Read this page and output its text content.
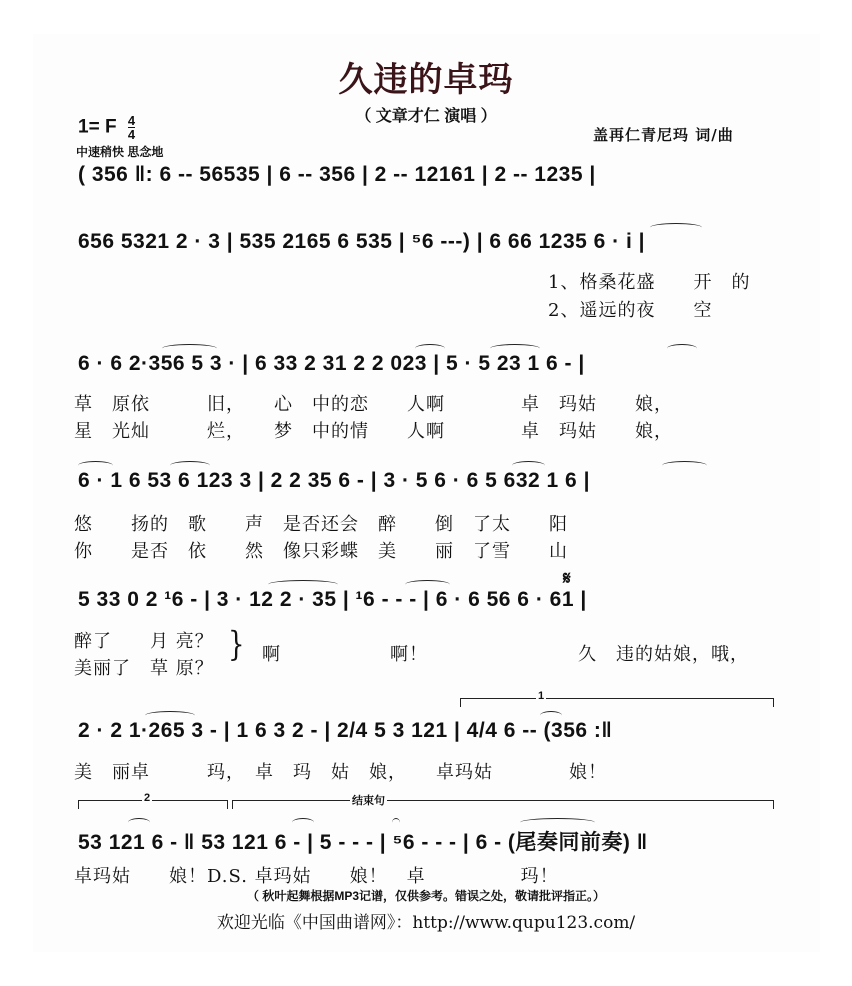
久违的卓玛
（ 文章才仁 演唱 ）
1= F $\frac{4}{4}$
中速稍快 思念地
盖再仁青尼玛 词/曲
( 356 ‖: 6 -- 56535 | 6 -- 356 | 2 -- 12161 | 2 -- 1235 |
656 5321 2 · 3 | 535 2165 6 535 | ⁵6 ---) | 6 66 1235 6 · i |
1、格桑花盛　　开　的
2、遥远的夜　　空
6 · 6 2·356 5 3 · | 6 33 2 31 2 2 023 | 5 · 5 23 1 6 - |
草　原依　　　旧，　　心　中的恋　　人啊　　　　卓　玛姑　　娘，
星　光灿　　　烂，　　梦　中的情　　人啊　　　　卓　玛姑　　娘，
6 · 1 6 53 6 123 3 | 2 2 35 6 - | 3 · 5 6 · 6 5 632 1 6 |
悠　　扬的　歌　　声　是否还会　醉　　倒　了太　　阳
你　　是否　依　　然　像只彩蝶　美　　丽　了雪　　山
𝄋
5 33 0 2 ¹6 - | 3 · 12 2 · 35 | ¹6 - - - | 6 · 6 56 6 · 61 |
醉了　　月 亮？
美丽了　草 原？
} 啊	啊！	久　违的姑娘，哦，
1
2 · 2 1·265 3 - | 1 6 3 2 - | 2/4 5 3 121 | 4/4 6 -- (356 :‖
美　丽卓　　　玛，　卓　玛　姑　娘，　　卓玛姑　　　　娘！
2	结束句
53 121 6 - ‖ 53 121 6 - | 5 - - - | ⁵6 - - - | 6 - (尾奏同前奏) ‖
卓玛姑　　娘！D.S. 卓玛姑　　娘！　卓　　　　　玛！
（ 秋叶起舞根据MP3记谱，仅供参考。错误之处，敬请批评指正。）
欢迎光临《中国曲谱网》：http://www.qupu123.com/
